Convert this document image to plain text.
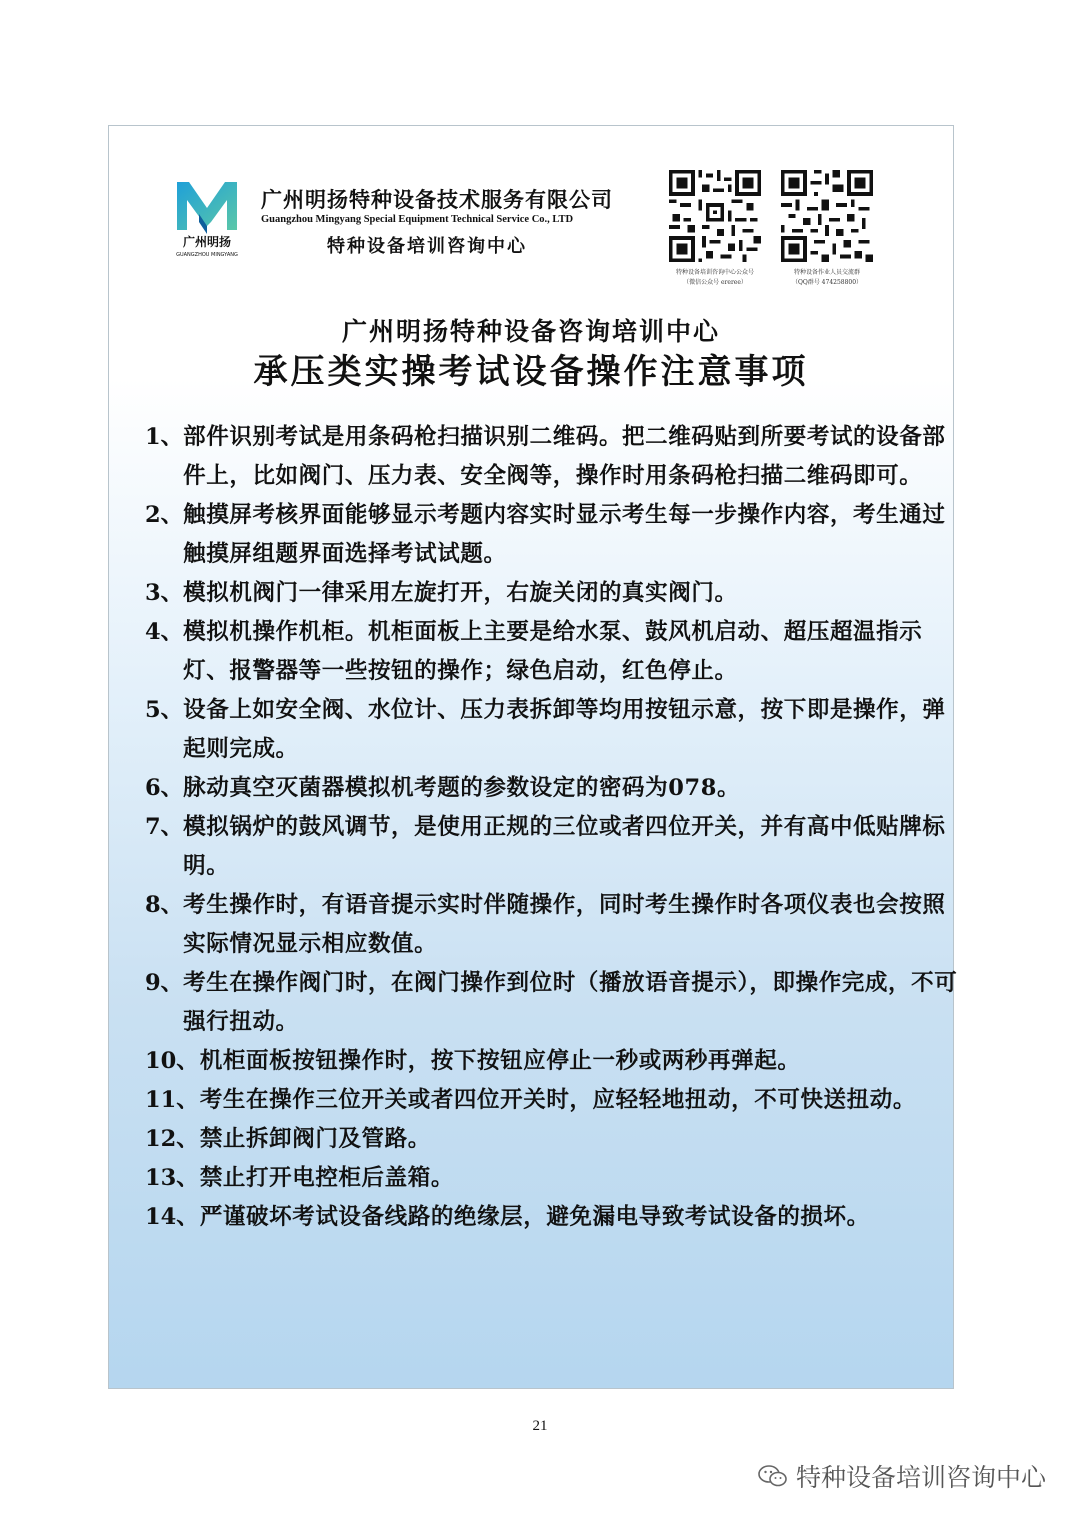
广州明扬
GUANGZHOU MINGYANG
广州明扬特种设备技术服务有限公司
Guangzhou Mingyang Special Equipment Technical Service Co., LTD
特种设备培训咨询中心
特种设备培训咨询中心公众号
（微信公众号 ereree）
特种设备作业人员交流群
（QQ群号 474258800）
广州明扬特种设备咨询培训中心
承压类实操考试设备操作注意事项
1、 部件识别考试是用条码枪扫描识别二维码。把二维码贴到所要考试的设备部件上，比如阀门、压力表、安全阀等，操作时用条码枪扫描二维码即可。
2、 触摸屏考核界面能够显示考题内容实时显示考生每一步操作内容，考生通过触摸屏组题界面选择考试试题。
3、 模拟机阀门一律采用左旋打开，右旋关闭的真实阀门。
4、 模拟机操作机柜。机柜面板上主要是给水泵、鼓风机启动、超压超温指示灯、报警器等一些按钮的操作；绿色启动，红色停止。
5、 设备上如安全阀、水位计、压力表拆卸等均用按钮示意，按下即是操作，弹起则完成。
6、 脉动真空灭菌器模拟机考题的参数设定的密码为078。
7、 模拟锅炉的鼓风调节，是使用正规的三位或者四位开关，并有高中低贴牌标明。
8、 考生操作时，有语音提示实时伴随操作，同时考生操作时各项仪表也会按照实际情况显示相应数值。
9、 考生在操作阀门时，在阀门操作到位时（播放语音提示），即操作完成，不可强行扭动。
10、 机柜面板按钮操作时，按下按钮应停止一秒或两秒再弹起。
11、 考生在操作三位开关或者四位开关时，应轻轻地扭动，不可快送扭动。
12、 禁止拆卸阀门及管路。
13、 禁止打开电控柜后盖箱。
14、 严谨破坏考试设备线路的绝缘层，避免漏电导致考试设备的损坏。
21
特种设备培训咨询中心
